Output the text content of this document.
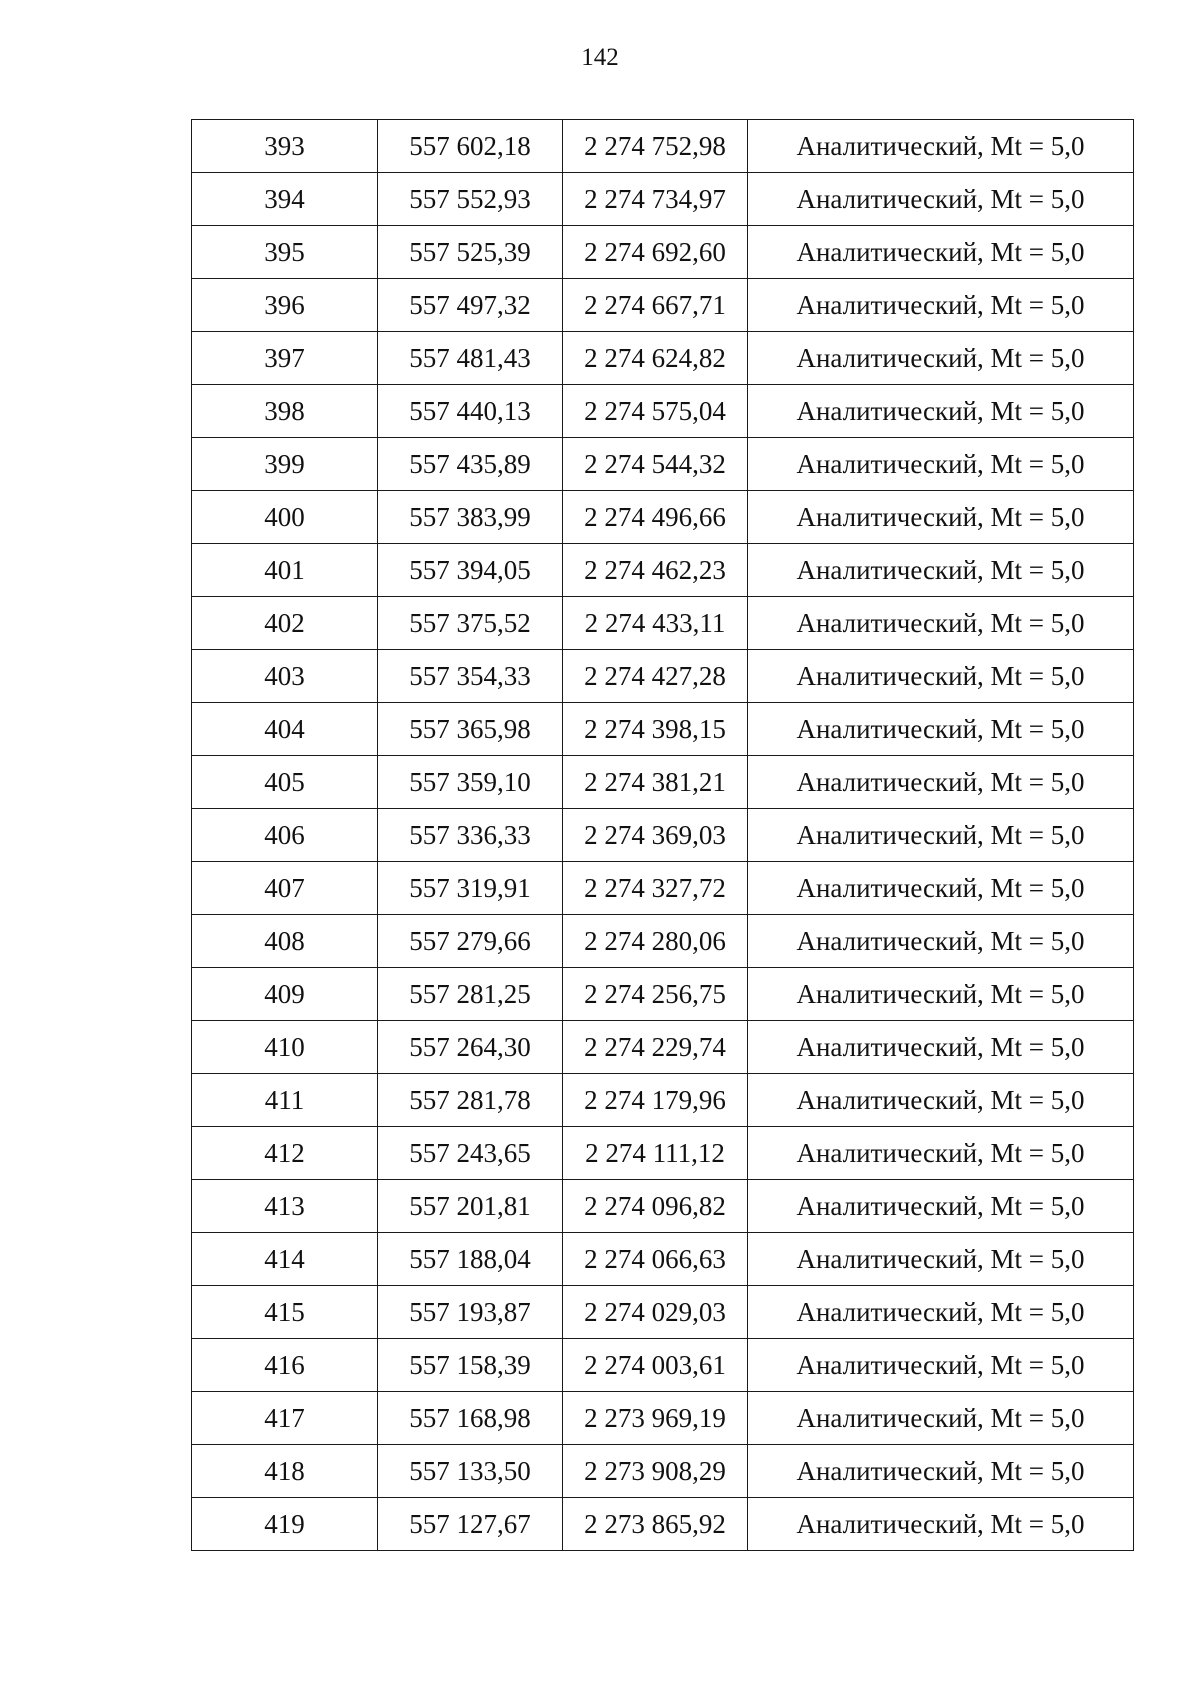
142
393	557 602,18	2 274 752,98	Аналитический, Mt = 5,0
394	557 552,93	2 274 734,97	Аналитический, Mt = 5,0
395	557 525,39	2 274 692,60	Аналитический, Mt = 5,0
396	557 497,32	2 274 667,71	Аналитический, Mt = 5,0
397	557 481,43	2 274 624,82	Аналитический, Mt = 5,0
398	557 440,13	2 274 575,04	Аналитический, Mt = 5,0
399	557 435,89	2 274 544,32	Аналитический, Mt = 5,0
400	557 383,99	2 274 496,66	Аналитический, Mt = 5,0
401	557 394,05	2 274 462,23	Аналитический, Mt = 5,0
402	557 375,52	2 274 433,11	Аналитический, Mt = 5,0
403	557 354,33	2 274 427,28	Аналитический, Mt = 5,0
404	557 365,98	2 274 398,15	Аналитический, Mt = 5,0
405	557 359,10	2 274 381,21	Аналитический, Mt = 5,0
406	557 336,33	2 274 369,03	Аналитический, Mt = 5,0
407	557 319,91	2 274 327,72	Аналитический, Mt = 5,0
408	557 279,66	2 274 280,06	Аналитический, Mt = 5,0
409	557 281,25	2 274 256,75	Аналитический, Mt = 5,0
410	557 264,30	2 274 229,74	Аналитический, Mt = 5,0
411	557 281,78	2 274 179,96	Аналитический, Mt = 5,0
412	557 243,65	2 274 111,12	Аналитический, Mt = 5,0
413	557 201,81	2 274 096,82	Аналитический, Mt = 5,0
414	557 188,04	2 274 066,63	Аналитический, Mt = 5,0
415	557 193,87	2 274 029,03	Аналитический, Mt = 5,0
416	557 158,39	2 274 003,61	Аналитический, Mt = 5,0
417	557 168,98	2 273 969,19	Аналитический, Mt = 5,0
418	557 133,50	2 273 908,29	Аналитический, Mt = 5,0
419	557 127,67	2 273 865,92	Аналитический, Mt = 5,0
